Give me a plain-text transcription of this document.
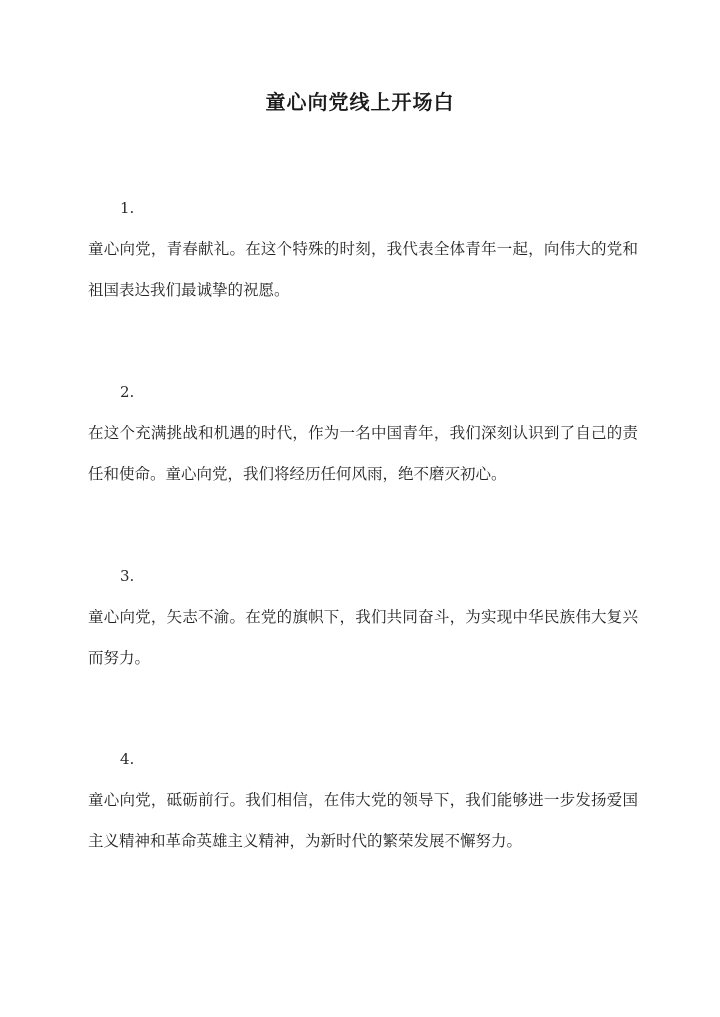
童心向党线上开场白
1.
童心向党，青春献礼。在这个特殊的时刻，我代表全体青年一起，向伟大的党和祖国表达我们最诚挚的祝愿。
2.
在这个充满挑战和机遇的时代，作为一名中国青年，我们深刻认识到了自己的责任和使命。童心向党，我们将经历任何风雨，绝不磨灭初心。
3.
童心向党，矢志不渝。在党的旗帜下，我们共同奋斗，为实现中华民族伟大复兴而努力。
4.
童心向党，砥砺前行。我们相信，在伟大党的领导下，我们能够进一步发扬爱国主义精神和革命英雄主义精神，为新时代的繁荣发展不懈努力。
